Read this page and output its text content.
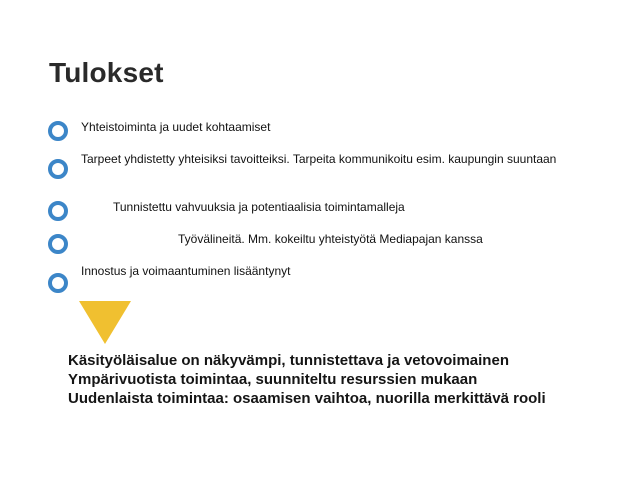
Tulokset
Yhteistoiminta ja uudet kohtaamiset
Tarpeet yhdistetty yhteisiksi tavoitteiksi. Tarpeita kommunikoitu esim. kaupungin suuntaan
Tunnistettu vahvuuksia ja potentiaalisia toimintamalleja
Työvälineitä. Mm. kokeiltu yhteistyötä Mediapajan kanssa
Innostus ja voimaantuminen lisääntynyt
Käsityöläisalue on näkyvämpi, tunnistettava ja vetovoimainen
Ympärivuotista toimintaa, suunniteltu resurssien mukaan
Uudenlaista toimintaa: osaamisen vaihtoa, nuorilla merkittävä rooli
